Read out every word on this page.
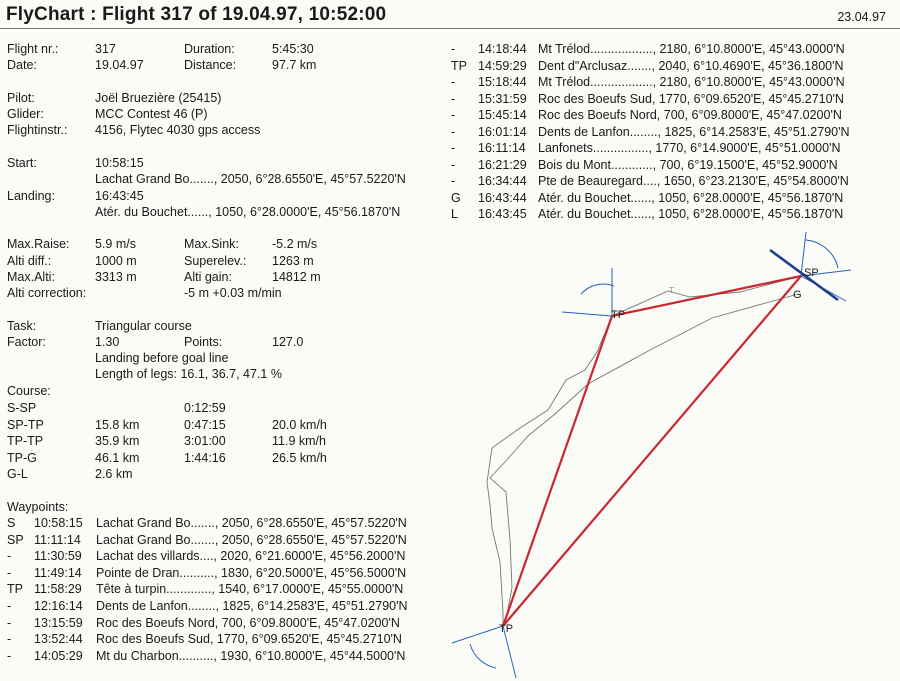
FlyChart : Flight 317 of 19.04.97, 10:52:00	23.04.97
Flight nr.:	317	Duration:	5:45:30
Date:	19.04.97	Distance:	97.7 km
Pilot:	Joël Bruezière (25415)
Glider:	MCC Contest 46 (P)
Flightinstr.: 4156, Flytec 4030 gps access
Start:	10:58:15
Lachat Grand Bo......., 2050, 6°28.6550'E, 45°57.5220'N
Landing:	16:43:45
Atér. du Bouchet......, 1050, 6°28.0000'E, 45°56.1870'N
Max.Raise: 5.9 m/s	Max.Sink:	-5.2 m/s
Alti diff.:	1000 m	Superelev.: 1263 m
Max.Alti:	3313 m	Alti gain:	14812 m
Alti correction:	-5 m +0.03 m/min
Task:	Triangular course
Factor:	1.30	Points:	127.0
Landing before goal line
Length of legs: 16.1, 36.7, 47.1 %
Course:
S-SP	0:12:59
SP-TP	15.8 km	0:47:15	20.0 km/h
TP-TP	35.9 km	3:01:00	11.9 km/h
TP-G	46.1 km	1:44:16	26.5 km/h
G-L	2.6 km
Waypoints:
S 10:58:15 Lachat Grand Bo......., 2050, 6°28.6550'E, 45°57.5220'N
SP 11:11:14 Lachat Grand Bo......., 2050, 6°28.6550'E, 45°57.5220'N
- 11:30:59 Lachat des villards...., 2020, 6°21.6000'E, 45°56.2000'N
- 11:49:14 Pointe de Dran.........., 1830, 6°20.5000'E, 45°56.5000'N
TP 11:58:29 Tête à turpin............., 1540, 6°17.0000'E, 45°55.0000'N
- 12:16:14 Dents de Lanfon........, 1825, 6°14.2583'E, 45°51.2790'N
- 13:15:59 Roc des Boeufs Nord, 700, 6°09.8000'E, 45°47.0200'N
- 13:52:44 Roc des Boeufs Sud, 1770, 6°09.6520'E, 45°45.2710'N
- 14:05:29 Mt du Charbon.........., 1930, 6°10.8000'E, 45°44.5000'N
- 14:18:44 Mt Trélod.................., 2180, 6°10.8000'E, 45°43.0000'N
TP 14:59:29 Dent d"Arclusaz......., 2040, 6°10.4690'E, 45°36.1800'N
- 15:18:44 Mt Trélod.................., 2180, 6°10.8000'E, 45°43.0000'N
- 15:31:59 Roc des Boeufs Sud, 1770, 6°09.6520'E, 45°45.2710'N
- 15:45:14 Roc des Boeufs Nord, 700, 6°09.8000'E, 45°47.0200'N
- 16:01:14 Dents de Lanfon........, 1825, 6°14.2583'E, 45°51.2790'N
- 16:11:14 Lanfonets................, 1770, 6°14.9000'E, 45°51.0000'N
- 16:21:29 Bois du Mont............, 700, 6°19.1500'E, 45°52.9000'N
- 16:34:44 Pte de Beauregard...., 1650, 6°23.2130'E, 45°54.8000'N
G 16:43:44 Atér. du Bouchet......, 1050, 6°28.0000'E, 45°56.1870'N
L 16:43:45 Atér. du Bouchet......, 1050, 6°28.0000'E, 45°56.1870'N
⊤
SP
G
TP
TP
